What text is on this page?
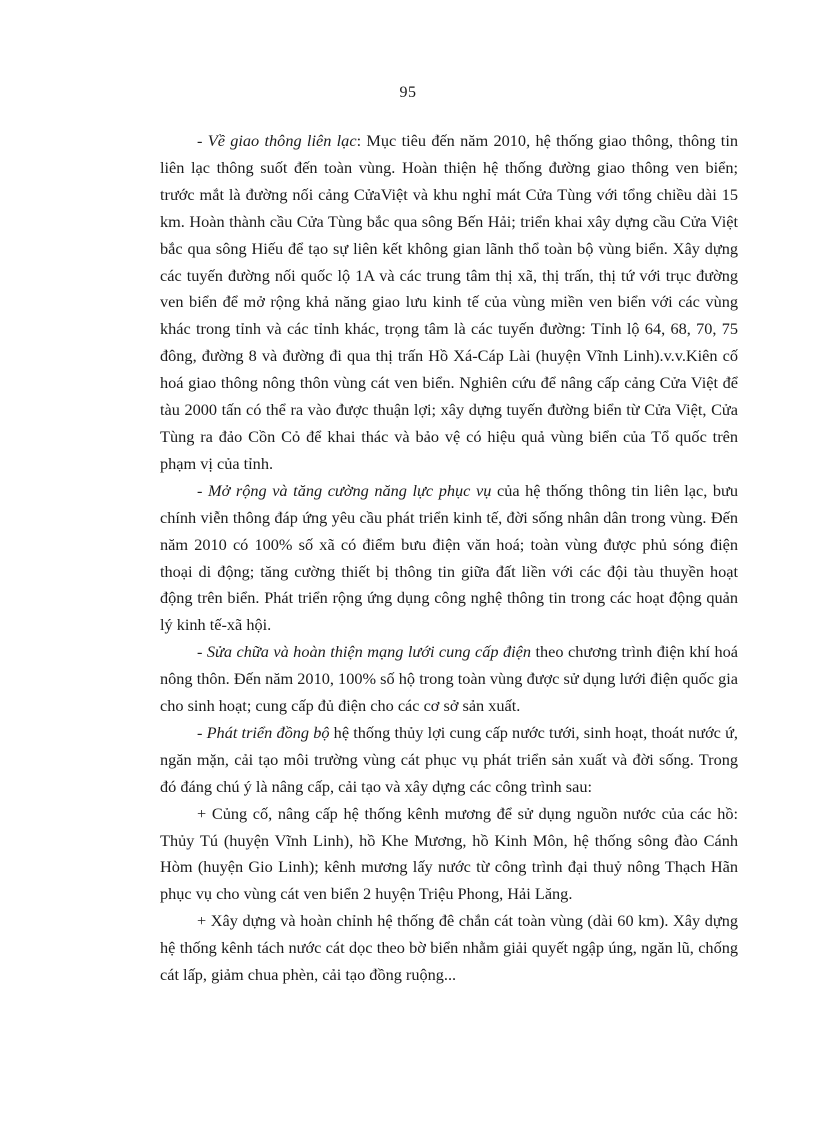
95

- Về giao thông liên lạc: Mục tiêu đến năm 2010, hệ thống giao thông, thông tin liên lạc thông suốt đến toàn vùng. Hoàn thiện hệ thống đường giao thông ven biển; trước mắt là đường nối cảng CửaViệt và khu nghỉ mát Cửa Tùng với tổng chiều dài 15 km. Hoàn thành cầu Cửa Tùng bắc qua sông Bến Hải; triển khai xây dựng cầu Cửa Việt bắc qua sông Hiếu để tạo sự liên kết không gian lãnh thổ toàn bộ vùng biển. Xây dựng các tuyến đường nối quốc lộ 1A và các trung tâm thị xã, thị trấn, thị tứ với trục đường ven biển để mở rộng khả năng giao lưu kinh tế của vùng miền ven biển với các vùng khác trong tỉnh và các tỉnh khác, trọng tâm là các tuyến đường: Tỉnh lộ 64, 68, 70, 75 đông, đường 8 và đường đi qua thị trấn Hồ Xá-Cáp Lài (huyện Vĩnh Linh).v.v.Kiên cố hoá giao thông nông thôn vùng cát ven biển. Nghiên cứu để nâng cấp cảng Cửa Việt để tàu 2000 tấn có thể ra vào được thuận lợi; xây dựng tuyến đường biển từ Cửa Việt, Cửa Tùng ra đảo Cồn Cỏ để khai thác và bảo vệ có hiệu quả vùng biển của Tổ quốc trên phạm vị của tỉnh.

- Mở rộng và tăng cường năng lực phục vụ của hệ thống thông tin liên lạc, bưu chính viễn thông đáp ứng yêu cầu phát triển kinh tế, đời sống nhân dân trong vùng. Đến năm 2010 có 100% số xã có điểm bưu điện văn hoá; toàn vùng được phủ sóng điện thoại di động; tăng cường thiết bị thông tin giữa đất liền với các đội tàu thuyền hoạt động trên biển. Phát triển rộng ứng dụng công nghệ thông tin trong các hoạt động quản lý kinh tế-xã hội.

- Sửa chữa và hoàn thiện mạng lưới cung cấp điện theo chương trình điện khí hoá nông thôn. Đến năm 2010, 100% số hộ trong toàn vùng được sử dụng lưới điện quốc gia cho sinh hoạt; cung cấp đủ điện cho các cơ sở sản xuất.

- Phát triển đồng bộ hệ thống thủy lợi cung cấp nước tưới, sinh hoạt, thoát nước ứ, ngăn mặn, cải tạo môi trường vùng cát phục vụ phát triển sản xuất và đời sống. Trong đó đáng chú ý là nâng cấp, cải tạo và xây dựng các công trình sau:

+ Củng cố, nâng cấp hệ thống kênh mương để sử dụng nguồn nước của các hồ: Thủy Tú (huyện Vĩnh Linh), hồ Khe Mương, hồ Kinh Môn, hệ thống sông đào Cánh Hòm (huyện Gio Linh); kênh mương lấy nước từ công trình đại thuỷ nông Thạch Hãn phục vụ cho vùng cát ven biển 2 huyện Triệu Phong, Hải Lăng.

+ Xây dựng và hoàn chỉnh hệ thống đê chắn cát toàn vùng (dài 60 km). Xây dựng hệ thống kênh tách nước cát dọc theo bờ biển nhằm giải quyết ngập úng, ngăn lũ, chống cát lấp, giảm chua phèn, cải tạo đồng ruộng...
